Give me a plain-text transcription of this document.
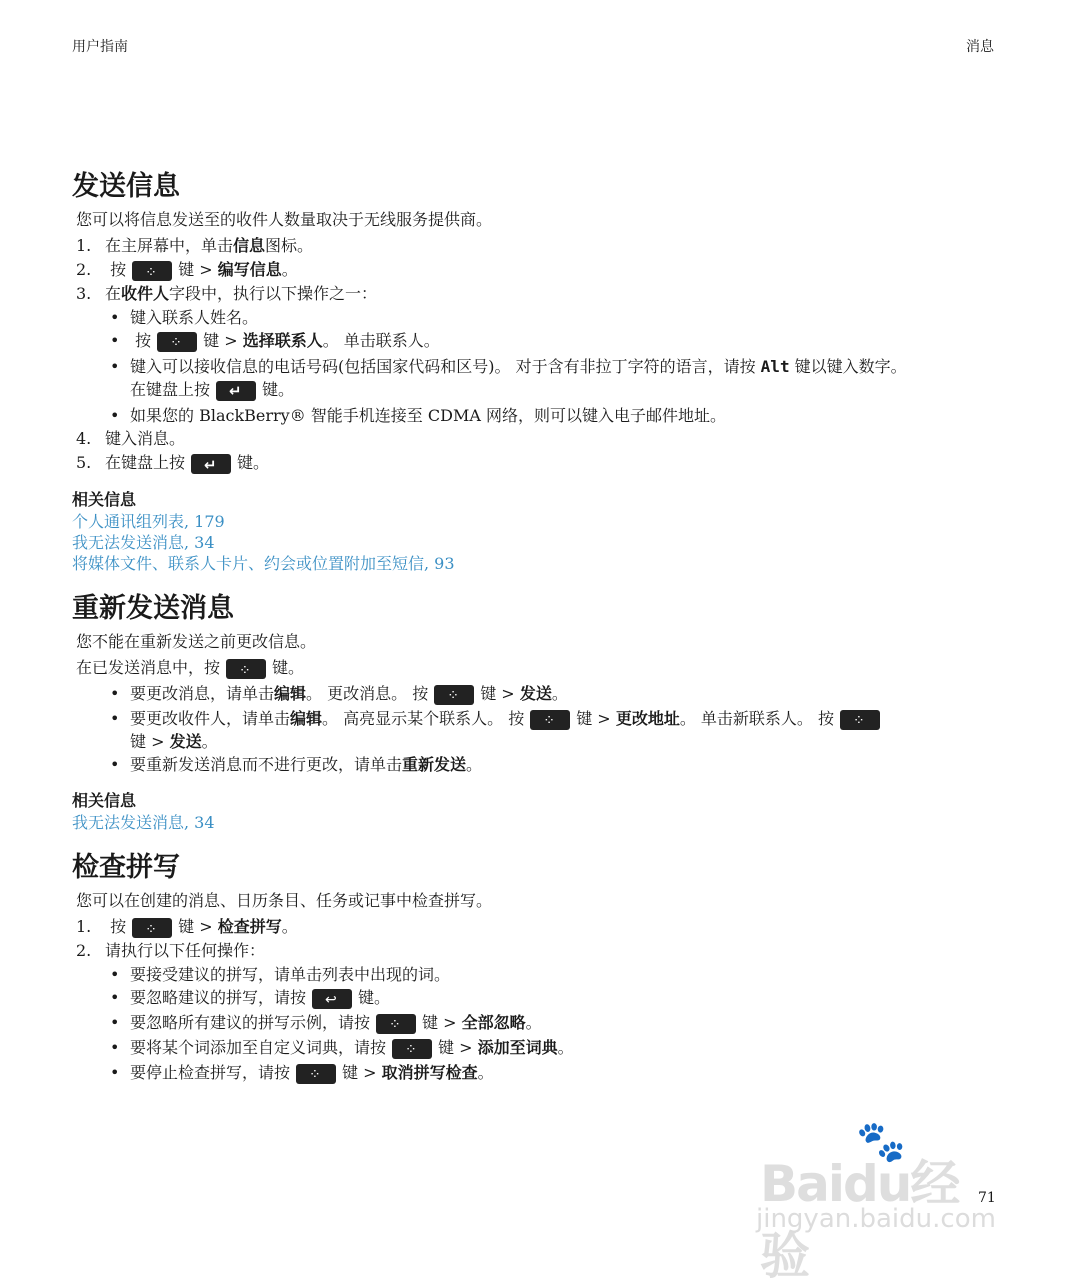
用户指南	消息
发送信息
您可以将信息发送至的收件人数量取决于无线服务提供商。
1. 在主屏幕中，单击信息图标。
2. 按 ⁘	键 > 编写信息。
3. 在收件人字段中，执行以下操作之一：
• 键入联系人姓名。
• 按 ⁘	键 > 选择联系人。 单击联系人。
• 键入可以接收信息的电话号码(包括国家代码和区号)。 对于含有非拉丁字符的语言，请按 Alt 键以键入数字。
在键盘上按 ↵	键。
• 如果您的 BlackBerry® 智能手机连接至 CDMA 网络，则可以键入电子邮件地址。
4. 键入消息。
5. 在键盘上按 ↵	键。
相关信息
个人通讯组列表, 179
我无法发送消息, 34
将媒体文件、联系人卡片、约会或位置附加至短信, 93
重新发送消息
您不能在重新发送之前更改信息。
在已发送消息中，按 ⁘	键。
• 要更改消息，请单击编辑。 更改消息。 按 ⁘	键 > 发送。
• 要更改收件人，请单击编辑。 高亮显示某个联系人。 按 ⁘	键 > 更改地址。 单击新联系人。 按⁘
键 > 发送。
• 要重新发送消息而不进行更改，请单击重新发送。
相关信息
我无法发送消息, 34
检查拼写
您可以在创建的消息、日历条目、任务或记事中检查拼写。
1. 按 ⁘	键 > 检查拼写。
2. 请执行以下任何操作：
• 要接受建议的拼写，请单击列表中出现的词。
• 要忽略建议的拼写，请按 ↩	键。
• 要忽略所有建议的拼写示例，请按 ⁘	键 > 全部忽略。
• 要将某个词添加至自定义词典，请按 ⁘	键 > 添加至词典。
• 要停止检查拼写，请按 ⁘	键 > 取消拼写检查。
🐾
Baidu经验
jingyan.baidu.com
71
